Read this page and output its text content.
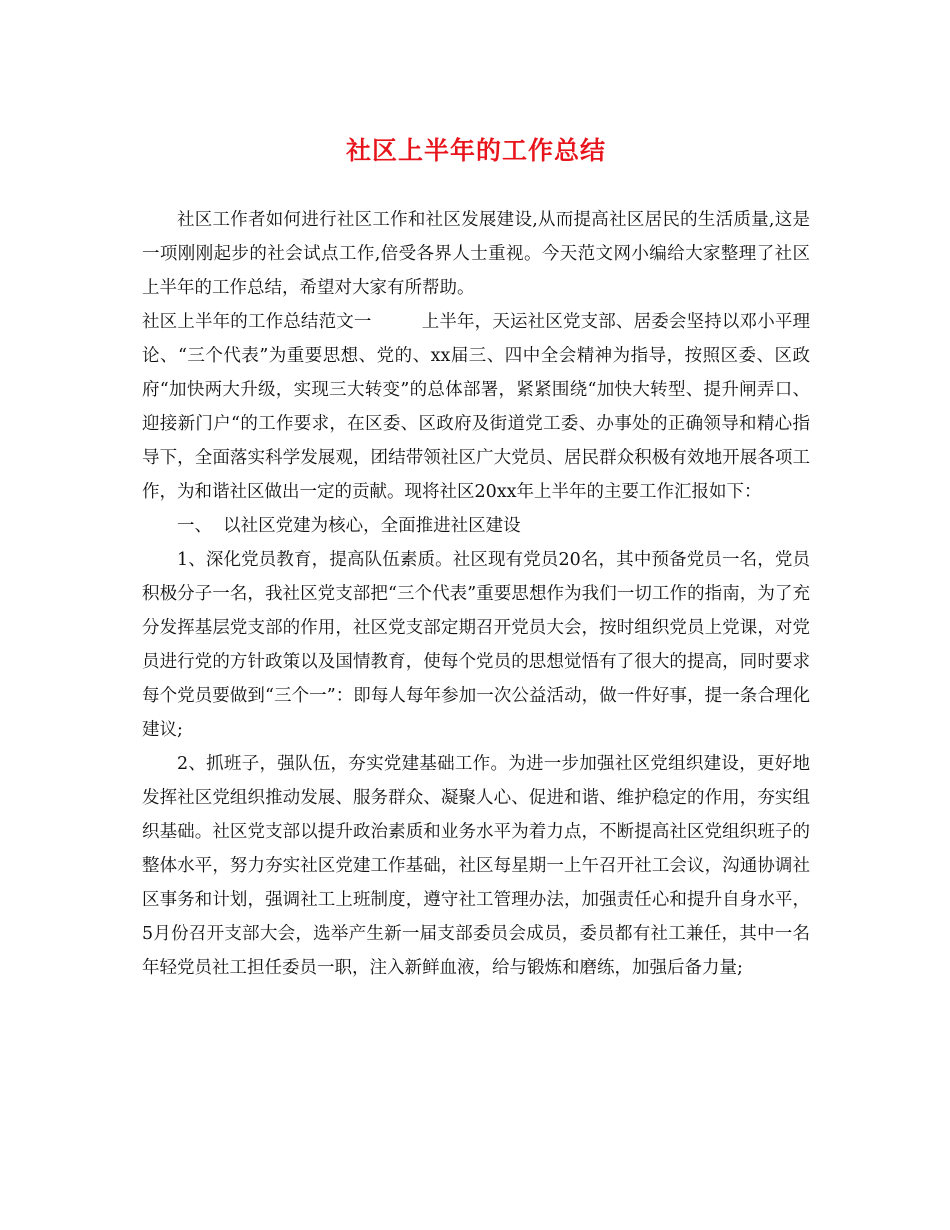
社区上半年的工作总结

社区工作者如何进行社区工作和社区发展建设,从而提高社区居民的生活质量,这是一项刚刚起步的社会试点工作,倍受各界人士重视。今天范文网小编给大家整理了社区上半年的工作总结，希望对大家有所帮助。

社区上半年的工作总结范文一	上半年，天运社区党支部、居委会坚持以邓小平理论、“三个代表”为重要思想、党的、xx届三、四中全会精神为指导，按照区委、区政府“加快两大升级，实现三大转变”的总体部署，紧紧围绕“加快大转型、提升闸弄口、迎接新门户“的工作要求，在区委、区政府及街道党工委、办事处的正确领导和精心指导下，全面落实科学发展观，团结带领社区广大党员、居民群众积极有效地开展各项工作，为和谐社区做出一定的贡献。现将社区20xx年上半年的主要工作汇报如下：

一、  以社区党建为核心，全面推进社区建设

1、深化党员教育，提高队伍素质。社区现有党员20名，其中预备党员一名，党员积极分子一名，我社区党支部把“三个代表”重要思想作为我们一切工作的指南，为了充分发挥基层党支部的作用，社区党支部定期召开党员大会，按时组织党员上党课，对党员进行党的方针政策以及国情教育，使每个党员的思想觉悟有了很大的提高，同时要求每个党员要做到“三个一”：即每人每年参加一次公益活动，做一件好事，提一条合理化建议;

2、抓班子，强队伍，夯实党建基础工作。为进一步加强社区党组织建设，更好地发挥社区党组织推动发展、服务群众、凝聚人心、促进和谐、维护稳定的作用，夯实组织基础。社区党支部以提升政治素质和业务水平为着力点，不断提高社区党组织班子的整体水平，努力夯实社区党建工作基础，社区每星期一上午召开社工会议，沟通协调社区事务和计划，强调社工上班制度，遵守社工管理办法，加强责任心和提升自身水平， 5月份召开支部大会，选举产生新一届支部委员会成员，委员都有社工兼任，其中一名年轻党员社工担任委员一职，注入新鲜血液，给与锻炼和磨练，加强后备力量;
